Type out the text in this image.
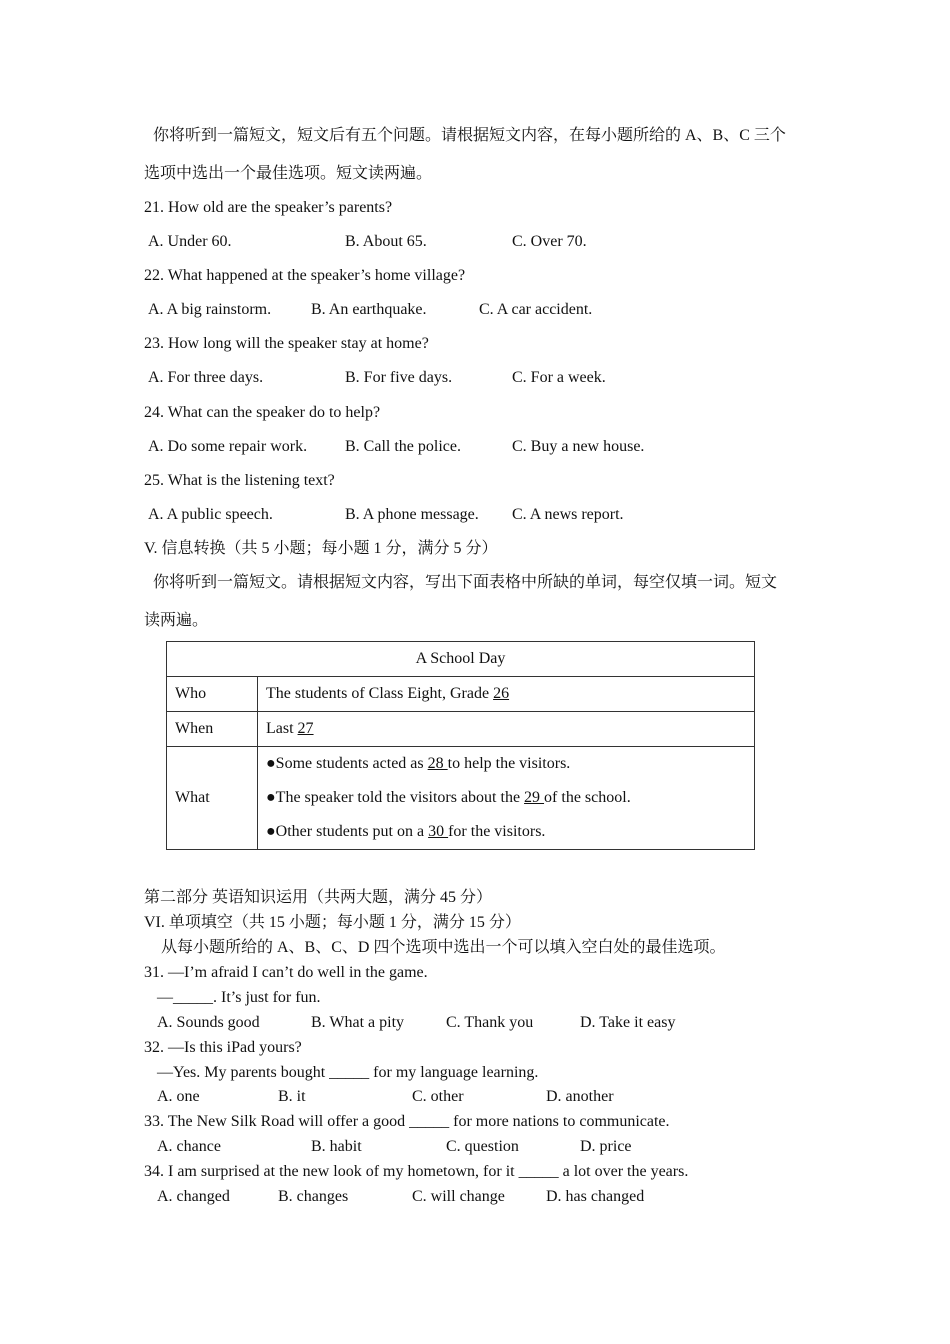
你将听到一篇短文，短文后有五个问题。请根据短文内容，在每小题所给的 A、B、C 三个
选项中选出一个最佳选项。短文读两遍。
21. How old are the speaker’s parents?
A. Under 60.	B. About 65.	C. Over 70.
22. What happened at the speaker’s home village?
A. A big rainstorm. B. An earthquake.	C. A car accident.
23. How long will the speaker stay at home?
A. For three days.	B. For five days.	C. For a week.
24. What can the speaker do to help?
A. Do some repair work. B. Call the police.	C. Buy a new house.
25. What is the listening text?
A. A public speech.	B. A phone message. C. A news report.
V. 信息转换（共 5 小题；每小题 1 分，满分 5 分）
你将听到一篇短文。请根据短文内容，写出下面表格中所缺的单词，每空仅填一词。短文
读两遍。
A School Day	
Who	The students of Class Eight, Grade 26
When	Last 27
What	●Some students acted as 28 to help the visitors.
●The speaker told the visitors about the 29 of the school.
●Other students put on a 30 for the visitors.
第二部分 英语知识运用（共两大题，满分 45 分）
VI. 单项填空（共 15 小题；每小题 1 分，满分 15 分）
从每小题所给的 A、B、C、D 四个选项中选出一个可以填入空白处的最佳选项。
31. —I’m afraid I can’t do well in the game.
—_____. It’s just for fun.
A. Sounds good	B. What a pity	C. Thank you	D. Take it easy
32. —Is this iPad yours?
—Yes. My parents bought _____ for my language learning.
A. one	B. it	C. other	D. another
33. The New Silk Road will offer a good _____ for more nations to communicate.
A. chance	B. habit	C. question	D. price
34. I am surprised at the new look of my hometown, for it _____ a lot over the years.
A. changed	B. changes	C. will change	D. has changed
